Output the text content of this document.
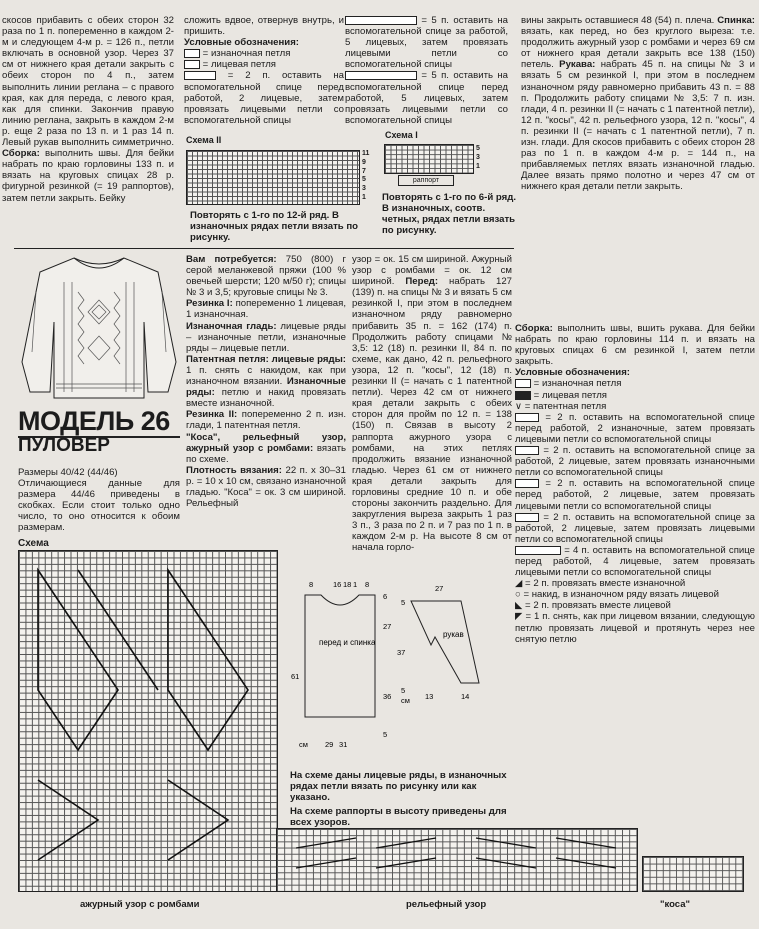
скосов прибавить с обеих сторон 32 раза по 1 п. попеременно в каждом 2-м и следующем 4-м р. = 126 п., петли включать в основной узор. Через 37 см от нижнего края детали закрыть с обеих сторон по 4 п., затем выполнить линии реглана – с правого края, как для переда, с левого края, как для спинки. Закончив правую линию реглана, закрыть в каждом 2-м р. еще 2 раза по 13 п. и 1 раз 14 п. Левый рукав выполнить симметрично. Сборка: выполнить швы. Для бейки набрать по краю горловины 133 п. и вязать на круговых спицах 28 р. фигурной резинкой (= 19 раппортов), затем петли закрыть. Бейку

сложить вдвое, отвернув внутрь, и пришить.

Условные обозначения:

= изнаночная петля

= лицевая петля

= 2 п. оставить на вспомогательной спице перед работой, 2 лицевые, затем провязать лицевыми петли со вспомогательной спицы

= 5 п. оставить на вспомогательной спице за работой, 5 лицевых, затем провязать лицевыми петли со вспомогательной спицы

= 5 п. оставить на вспомогательной спице перед работой, 5 лицевых, затем провязать лицевыми петли со вспомогательной спицы

Схема II
11
9
7
5
3
1
Повторять с 1-го по 12-й ряд. В изнаночных рядах петли вязать по рисунку.
Схема I
5
3
1
раппорт
Повторять с 1-го по 6-й ряд. В изнаночных, соотв. четных, рядах петли вязать по рисунку.

вины закрыть оставшиеся 48 (54) п. плеча. Спинка: вязать, как перед, но без круглого выреза: т.е. продолжить ажурный узор с ромбами и через 69 см от нижнего края детали закрыть все 138 (150) петель. Рукава: набрать 45 п. на спицы № 3 и вязать 5 см резинкой I, при этом в последнем изнаночном ряду равномерно прибавить 43 п. = 88 п. Продолжить работу спицами № 3,5: 7 п. изн. глади, 4 п. резинки II (= начать с 1 патентной петли), 12 п. "косы", 42 п. рельефного узора, 12 п. "косы", 4 п. резинки II (= начать с 1 патентной петли), 7 п. изн. глади. Для скосов прибавить с обеих сторон 28 раз по 1 п. в каждом 4-м р. = 144 п., на прибавляемых петлях вязать изнаночной гладью. Далее вязать прямо полотно и через 47 см от нижнего края детали петли закрыть.

МОДЕЛЬ 26
ПУЛОВЕР

Размеры 40/42 (44/46)

Отличающиеся данные для размера 44/46 приведены в скобках. Если стоит только одно число, то оно относится к обоим размерам.

Схема

Вам потребуется: 750 (800) г серой меланжевой пряжи (100 % овечьей шерсти; 120 м/50 г); спицы № 3 и 3,5; круговые спицы № 3.

Резинка I: попеременно 1 лицевая, 1 изнаночная.

Изнаночная гладь: лицевые ряды – изнаночные петли, изнаночные ряды – лицевые петли.

Патентная петля: лицевые ряды: 1 п. снять с накидом, как при изнаночном вязании. Изнаночные ряды: петлю и накид провязать вместе изнаночной.

Резинка II: попеременно 2 п. изн. глади, 1 патентная петля.

"Коса", рельефный узор, ажурный узор с ромбами: вязать по схеме.

Плотность вязания: 22 п. х 30–31 р. = 10 х 10 см, связано изнаночной гладью. "Коса" = ок. 3 см шириной. Рельефный

узор = ок. 15 см шириной. Ажурный узор с ромбами = ок. 12 см шириной. Перед: набрать 127 (139) п. на спицы № 3 и вязать 5 см резинкой I, при этом в последнем изнаночном ряду равномерно прибавить 35 п. = 162 (174) п. Продолжить работу спицами № 3,5: 12 (18) п. резинки II, 84 п. по схеме, как дано, 42 п. рельефного узора, 12 п. "косы", 12 (18) п. резинки II (= начать с 1 патентной петли). Через 42 см от нижнего края детали закрыть с обеих сторон для пройм по 12 п. = 138 (150) п. Связав в высоту 2 раппорта ажурного узора с ромбами, на этих петлях продолжить вязание изнаночной гладью. Через 61 см от нижнего края детали закрыть для горловины средние 10 п. и обе стороны закончить раздельно. Для закругления выреза закрыть 1 раз 3 п., 3 раза по 2 п. и 7 раз по 1 п. в каждом 2-м р. На высоте 8 см от начала горло-

Сборка: выполнить швы, вшить рукава. Для бейки набрать по краю горловины 114 п. и вязать на круговых спицах 6 см резинкой I, затем петли закрыть.

Условные обозначения:

= изнаночная петля

= лицевая петля

∨ = патентная петля

= 2 п. оставить на вспомогательной спице перед работой, 2 изнаночные, затем провязать лицевыми петли со вспомогательной спицы

= 2 п. оставить на вспомогательной спице за работой, 2 лицевые, затем провязать изнаночными петли со вспомогательной спицы

= 2 п. оставить на вспомогательной спице перед работой, 2 лицевые, затем провязать лицевыми петли со вспомогательной спицы

= 2 п. оставить на вспомогательной спице за работой, 2 лицевые, затем провязать лицевыми петли со вспомогательной спицы

= 4 п. оставить на вспомогательной спице перед работой, 4 лицевые, затем провязать лицевыми петли со вспомогательной спицы

◢ = 2 п. провязать вместе изнаночной

○ = накид, в изнаночном ряду вязать лицевой

◣ = 2 п. провязать вместе лицевой

◤ = 1 п. снять, как при лицевом вязании, следующую петлю провязать лицевой и протянуть через нее снятую петлю

ажурный узор с ромбами	рельефный узор	"коса"
перед и спинка
рукав
8	16 18 1 8
6
27
61
36
5
29 31
см
27
5
37
5
13	14
см
На схеме даны лицевые ряды, в изнаночных рядах петли вязать по рисунку или как указано.
На схеме раппорты в высоту приведены для всех узоров.
